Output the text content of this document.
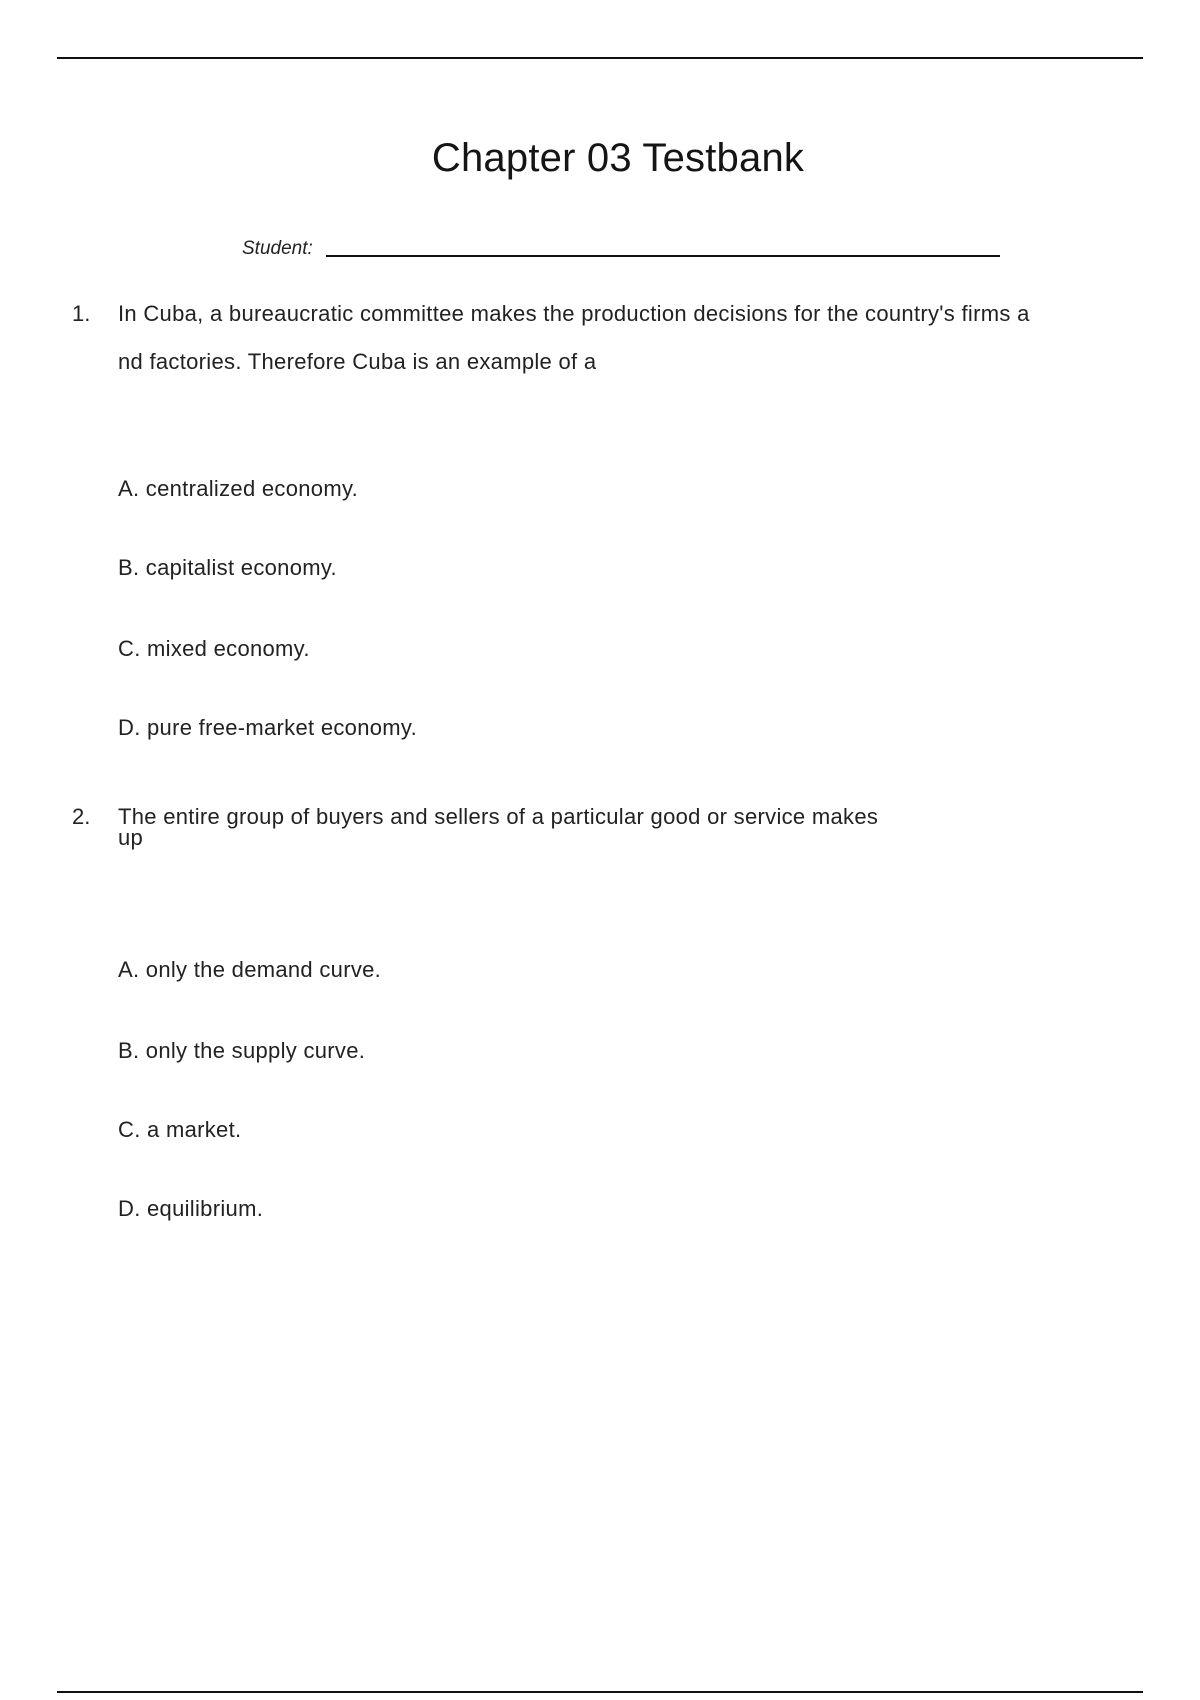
Chapter 03 Testbank
Student:
1. In Cuba, a bureaucratic committee makes the production decisions for the country's firms a
nd factories. Therefore Cuba is an example of a
A. centralized economy.
B. capitalist economy.
C. mixed economy.
D. pure free-market economy.
2. The entire group of buyers and sellers of a particular good or service makes
up
A. only the demand curve.
B. only the supply curve.
C. a market.
D. equilibrium.
